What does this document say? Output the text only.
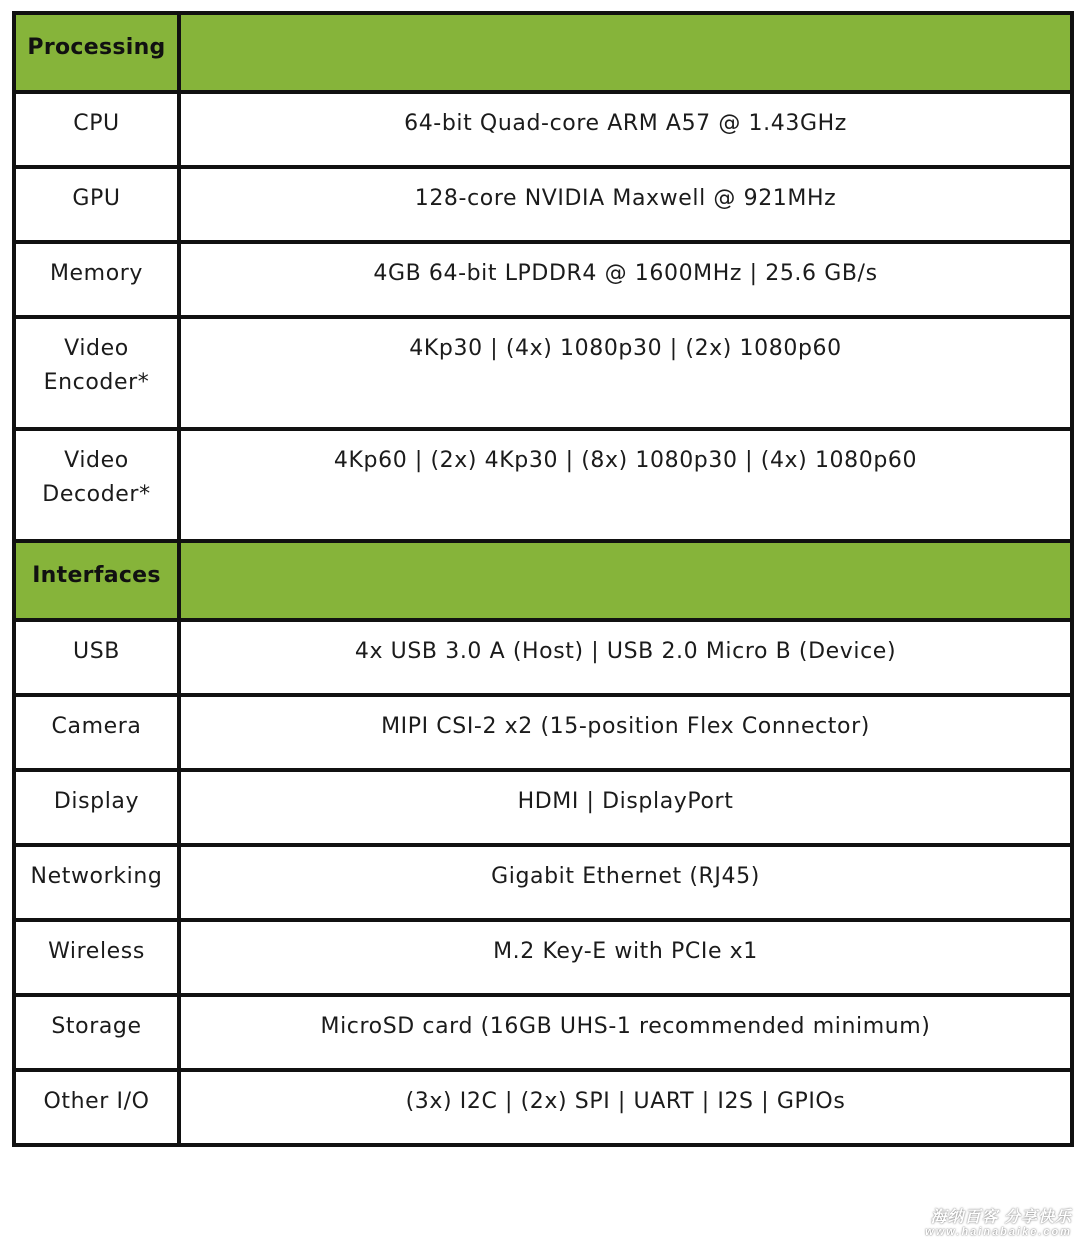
Processing	
CPU	64-bit Quad-core ARM A57 @ 1.43GHz
GPU	128-core NVIDIA Maxwell @ 921MHz
Memory	4GB 64-bit LPDDR4 @ 1600MHz | 25.6 GB/s
Video
Encoder*	4Kp30 | (4x) 1080p30 | (2x) 1080p60
Video
Decoder*	4Kp60 | (2x) 4Kp30 | (8x) 1080p30 | (4x) 1080p60
Interfaces	
USB	4x USB 3.0 A (Host) | USB 2.0 Micro B (Device)
Camera	MIPI CSI-2 x2 (15-position Flex Connector)
Display	HDMI | DisplayPort
Networking	Gigabit Ethernet (RJ45)
Wireless	M.2 Key-E with PCIe x1
Storage	MicroSD card (16GB UHS-1 recommended minimum)
Other I/O	(3x) I2C | (2x) SPI | UART | I2S | GPIOs
海纳百客 分享快乐
www.hainabaike.com
